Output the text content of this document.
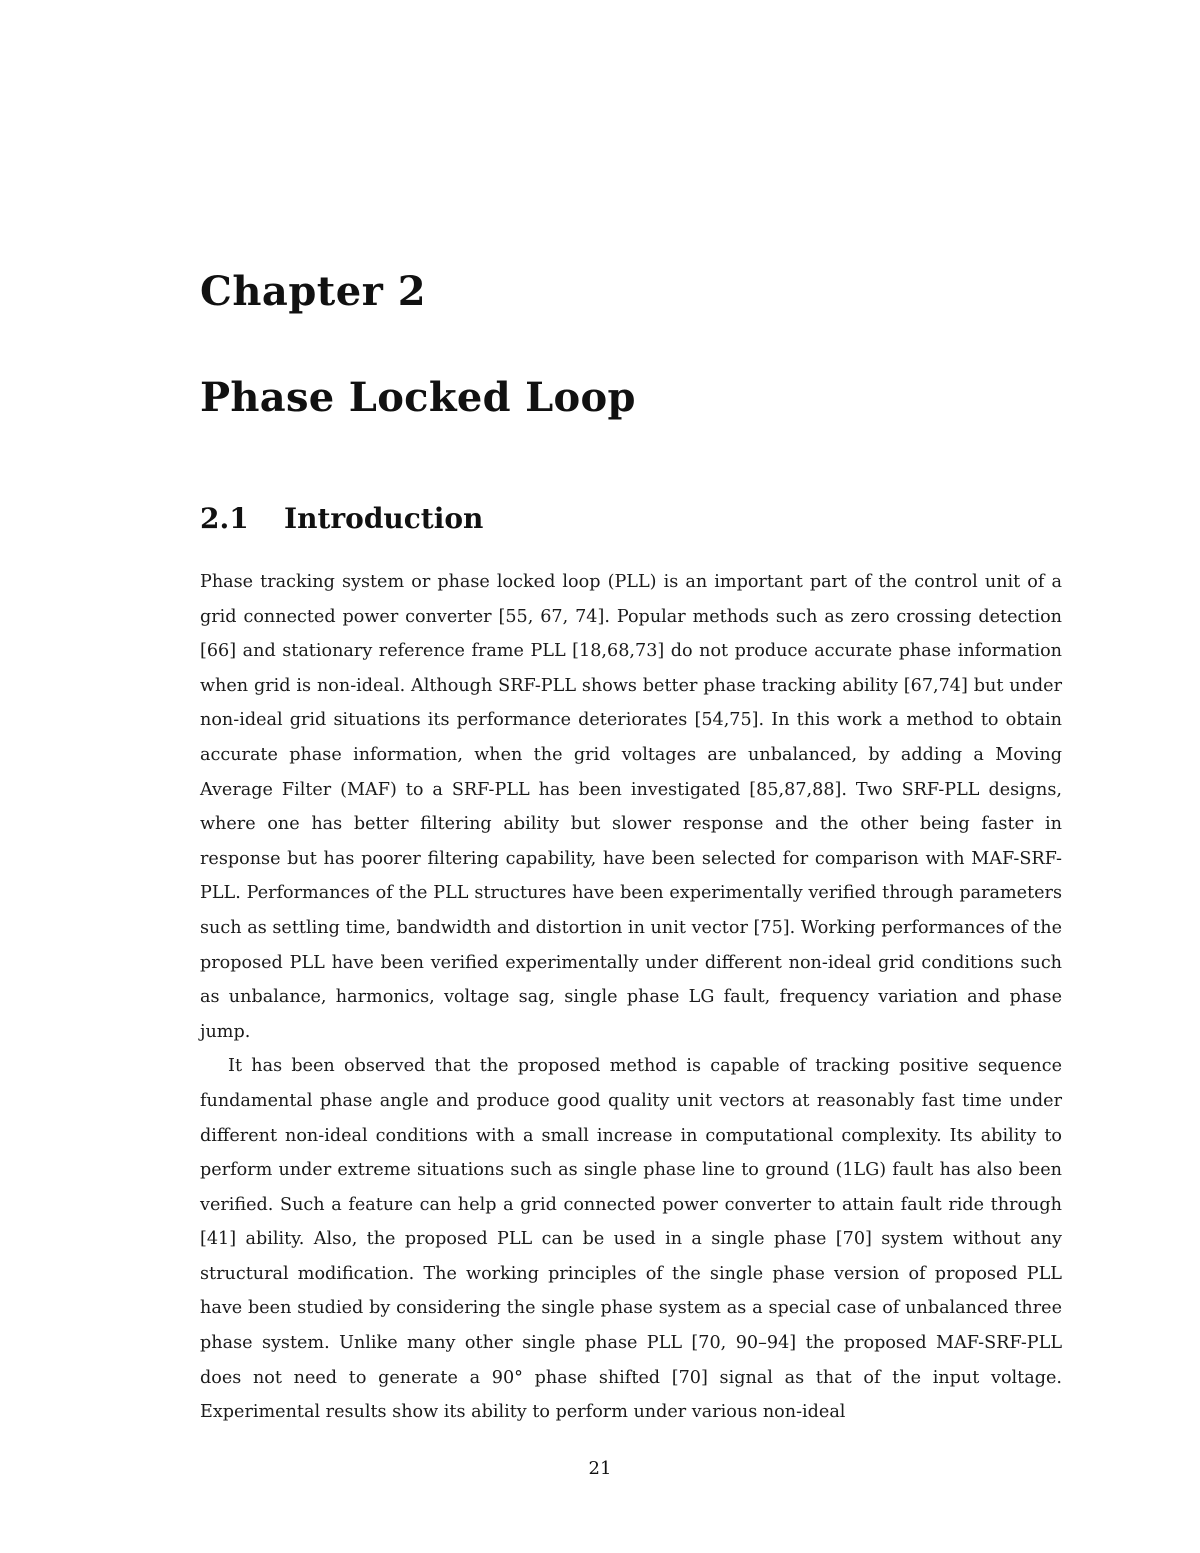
Chapter 2
Phase Locked Loop
2.1	Introduction

Phase tracking system or phase locked loop (PLL) is an important part of the control unit of a grid connected power converter [55, 67, 74]. Popular methods such as zero crossing detection [66] and stationary reference frame PLL [18,68,73] do not produce accurate phase information when grid is non-ideal. Although SRF-PLL shows better phase tracking ability [67,74] but under non-ideal grid situations its performance deteriorates [54,75]. In this work a method to obtain accurate phase information, when the grid voltages are unbalanced, by adding a Moving Average Filter (MAF) to a SRF-PLL has been investigated [85,87,88]. Two SRF-PLL designs, where one has better filtering ability but slower response and the other being faster in response but has poorer filtering capability, have been selected for comparison with MAF-SRF-PLL. Performances of the PLL structures have been experimentally verified through parameters such as settling time, bandwidth and distortion in unit vector [75]. Working performances of the proposed PLL have been verified experimentally under different non-ideal grid conditions such as unbalance, harmonics, voltage sag, single phase LG fault, frequency variation and phase jump.

It has been observed that the proposed method is capable of tracking positive sequence fundamental phase angle and produce good quality unit vectors at reasonably fast time under different non-ideal conditions with a small increase in computational complexity. Its ability to perform under extreme situations such as single phase line to ground (1LG) fault has also been verified. Such a feature can help a grid connected power converter to attain fault ride through [41] ability. Also, the proposed PLL can be used in a single phase [70] system without any structural modification. The working principles of the single phase version of proposed PLL have been studied by considering the single phase system as a special case of unbalanced three phase system. Unlike many other single phase PLL [70, 90–94] the proposed MAF-SRF-PLL does not need to generate a 90° phase shifted [70] signal as that of the input voltage. Experimental results show its ability to perform under various non-ideal

21
